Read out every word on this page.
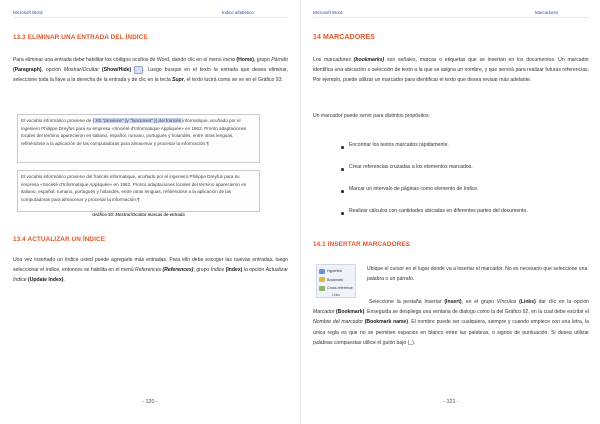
Microsoft Word	Índice alfabético
13.3 ELIMINAR UNA ENTRADA DEL ÍNDICE
Para eliminar una entrada debe habilitar los códigos ocultos de Word, dando clic en el menú Inicio (Home), grupo Párrafo (Paragraph), opción Mostrar/Ocultar (Show/Hide) . Luego busque en el texto la entrada que desea eliminar, seleccione toda la llave a la derecha de la entrada y de clic en la tecla Supr, el texto lucirá como se ve en el Gráfico 93.
El vocablo informático proviene de { XE "proviene" }y "funciones" }{ del francés informatique, acuñado por el ingeniero Philippe Dreyfus para su empresa «Société d'Informatique Appliquée» en 1962. Pronto adaptaciones locales del término aparecieron en italiano, español, rumano, portugués y holandés, entre otras lenguas, refiriéndose a la aplicación de las computadoras para almacenar y procesar la información.¶
El vocablo informático proviene del francés informatique, acuñado por el ingeniero Philippe Dreyfus para su empresa «Société d'Informatique Appliquée» en 1962. Pronto adaptaciones locales del término aparecieron en italiano, español, rumano, portugués y holandés, entre otras lenguas, refiriéndose a la aplicación de las computadoras para almacenar y procesar la información.¶
Gráfico 93: Mostrar/Ocultar marcas de entrada
13.4 ACTUALIZAR UN ÍNDICE
Una vez insertado un índice usted puede agregarle más entradas. Para ello debe escoger las nuevas entradas, luego seleccionar el índice, entonces se habilita en el menú References (References), grupo Índice (Index) la opción Actualizar Índice (Update Index).
- 120 -
Microsoft Word	Marcadores
14 MARCADORES
Los marcadores (bookmarks) son señales, marcas o etiquetas que se insertan en los documentos. Un marcador identifica una ubicación o selección de texto a la que se asigna un nombre, y que servirá para realizar futuras referencias. Por ejemplo, puede utilizar un marcador para identificar el texto que desea revisar más adelante.
Un marcador puede servir para distintos propósitos:
Encontrar los textos marcados rápidamente.
Crear referencias cruzadas a los elementos marcados.
Marcar un intervalo de páginas como elemento de índice.
Realizar cálculos con cantidades ubicadas en diferentes partes del documento.
14.1 INSERTAR MARCADORES
Hyperlink
Bookmark
Cross-reference
Links
Ubique el cursor en el lugar donde va a insertar el marcador. No es necesario que seleccione una palabra o un párrafo.
Seleccione la pestaña Insertar (Insert), en el grupo Vínculos (Links) dar clic en la opción Marcador (Bookmark). Enseguida se despliega una ventana de dialogo como la del Gráfico 92, en la cual debe escribir el Nombre del marcador (Bookmark name). El nombre puede ser cualquiera, siempre y cuando empiece con una letra, la única regla es que no se permiten espacios en blanco entre las palabras, o signos de puntuación. Si desea utilizar palabras compuestas utilice el guión bajo (_).
- 121 -
